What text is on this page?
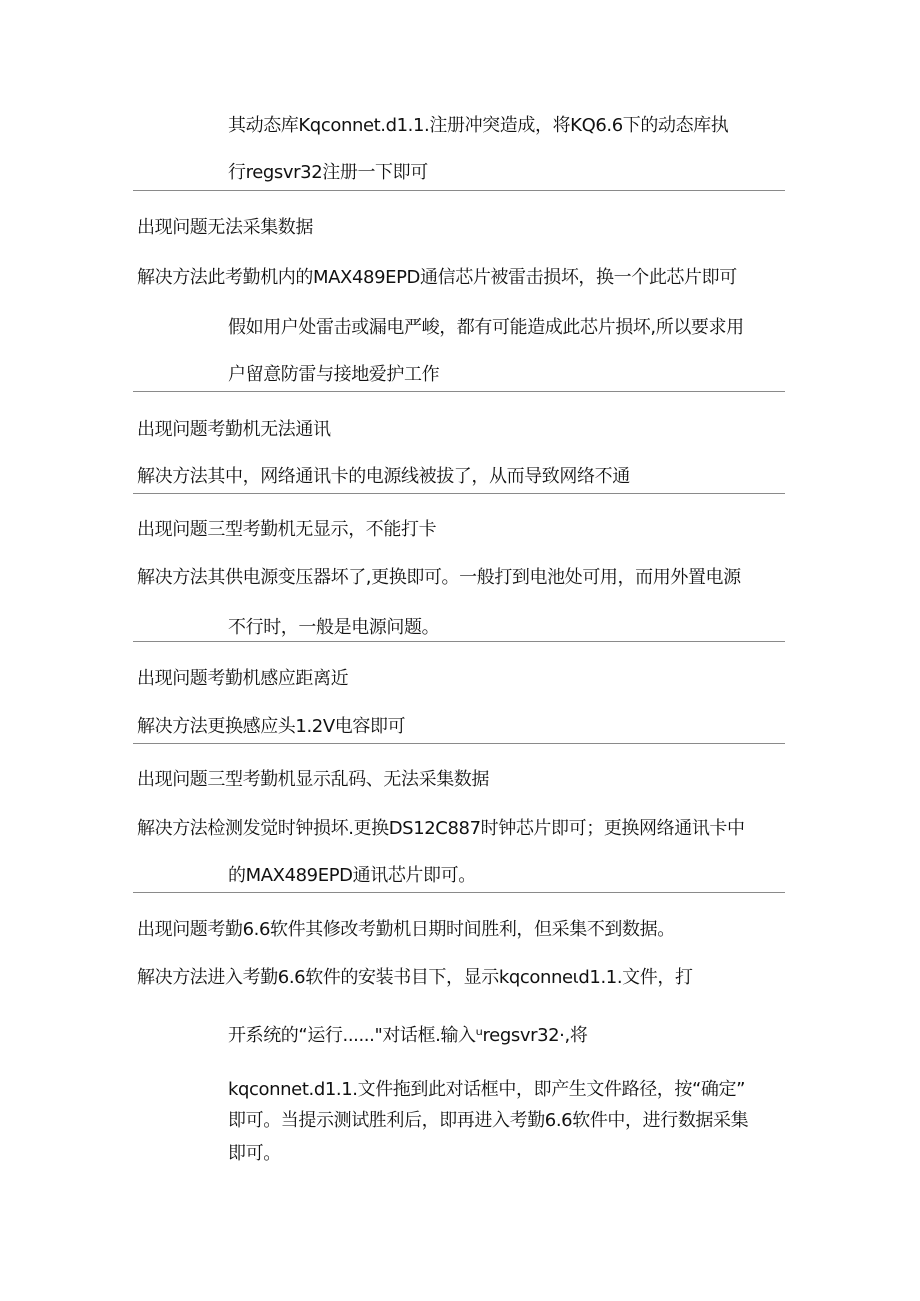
其动态库Kqconnet.d1.1.注册冲突造成，将KQ6.6下的动态库执
行regsvr32注册一下即可
出现问题无法采集数据
解决方法此考勤机内的MAX489EPD通信芯片被雷击损坏，换一个此芯片即可
假如用户处雷击或漏电严峻，都有可能造成此芯片损坏,所以要求用
户留意防雷与接地爱护工作
出现问题考勤机无法通讯
解决方法其中，网络通讯卡的电源线被拔了，从而导致网络不通
出现问题三型考勤机无显示，不能打卡
解决方法其供电源变压器坏了,更换即可。一般打到电池处可用，而用外置电源
不行时，一般是电源问题。
出现问题考勤机感应距离近
解决方法更换感应头1.2V电容即可
出现问题三型考勤机显示乱码、无法采集数据
解决方法检测发觉时钟损坏.更换DS12C887时钟芯片即可；更换网络通讯卡中
的MAX489EPD通讯芯片即可。
出现问题考勤6.6软件其修改考勤机日期时间胜利，但采集不到数据。
解决方法进入考勤6.6软件的安装书目下，显示kqconneιd1.1.文件，打
开系统的“运行......"对话框.输入ᵘregsvr32·,将
kqconnet.d1.1.文件拖到此对话框中，即产生文件路径，按“确定”
即可。当提示测试胜利后，即再进入考勤6.6软件中，进行数据采集
即可。
